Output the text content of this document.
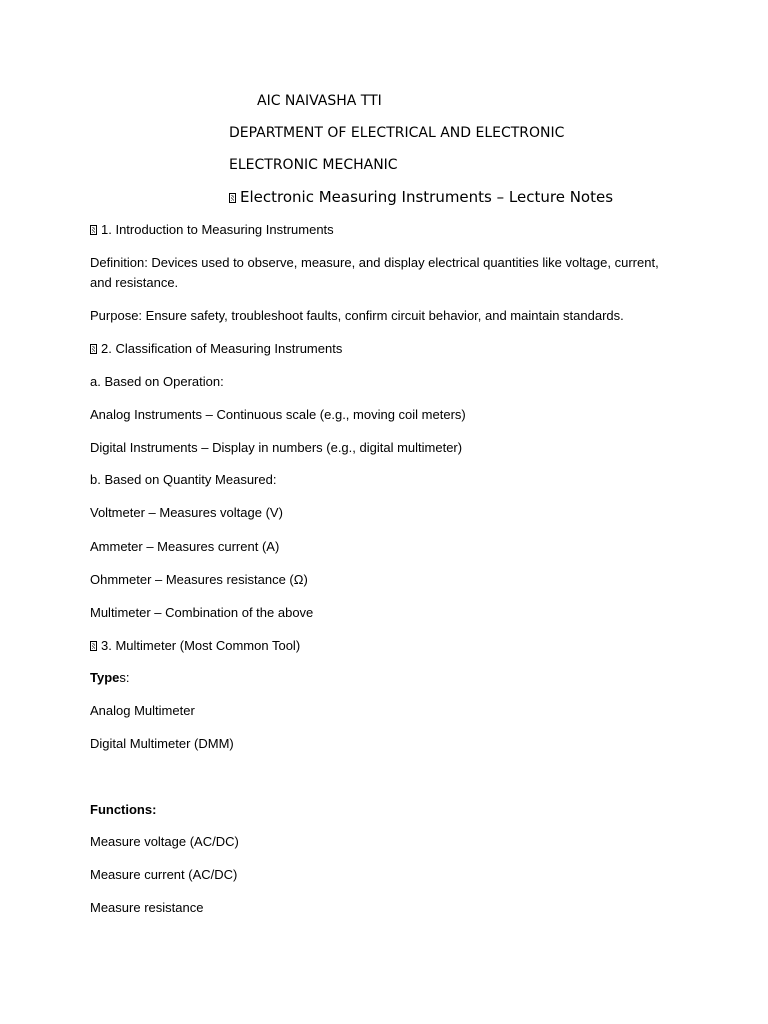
AIC NAIVASHA TTI
DEPARTMENT OF ELECTRICAL AND ELECTRONIC
ELECTRONIC MECHANIC
Electronic Measuring Instruments – Lecture Notes
1. Introduction to Measuring Instruments
Definition: Devices used to observe, measure, and display electrical quantities like voltage, current, and resistance.
Purpose: Ensure safety, troubleshoot faults, confirm circuit behavior, and maintain standards.
2. Classification of Measuring Instruments
a. Based on Operation:
Analog Instruments – Continuous scale (e.g., moving coil meters)
Digital Instruments – Display in numbers (e.g., digital multimeter)
b. Based on Quantity Measured:
Voltmeter – Measures voltage (V)
Ammeter – Measures current (A)
Ohmmeter – Measures resistance (Ω)
Multimeter – Combination of the above
3. Multimeter (Most Common Tool)
Types:
Analog Multimeter
Digital Multimeter (DMM)
Functions:
Measure voltage (AC/DC)
Measure current (AC/DC)
Measure resistance
